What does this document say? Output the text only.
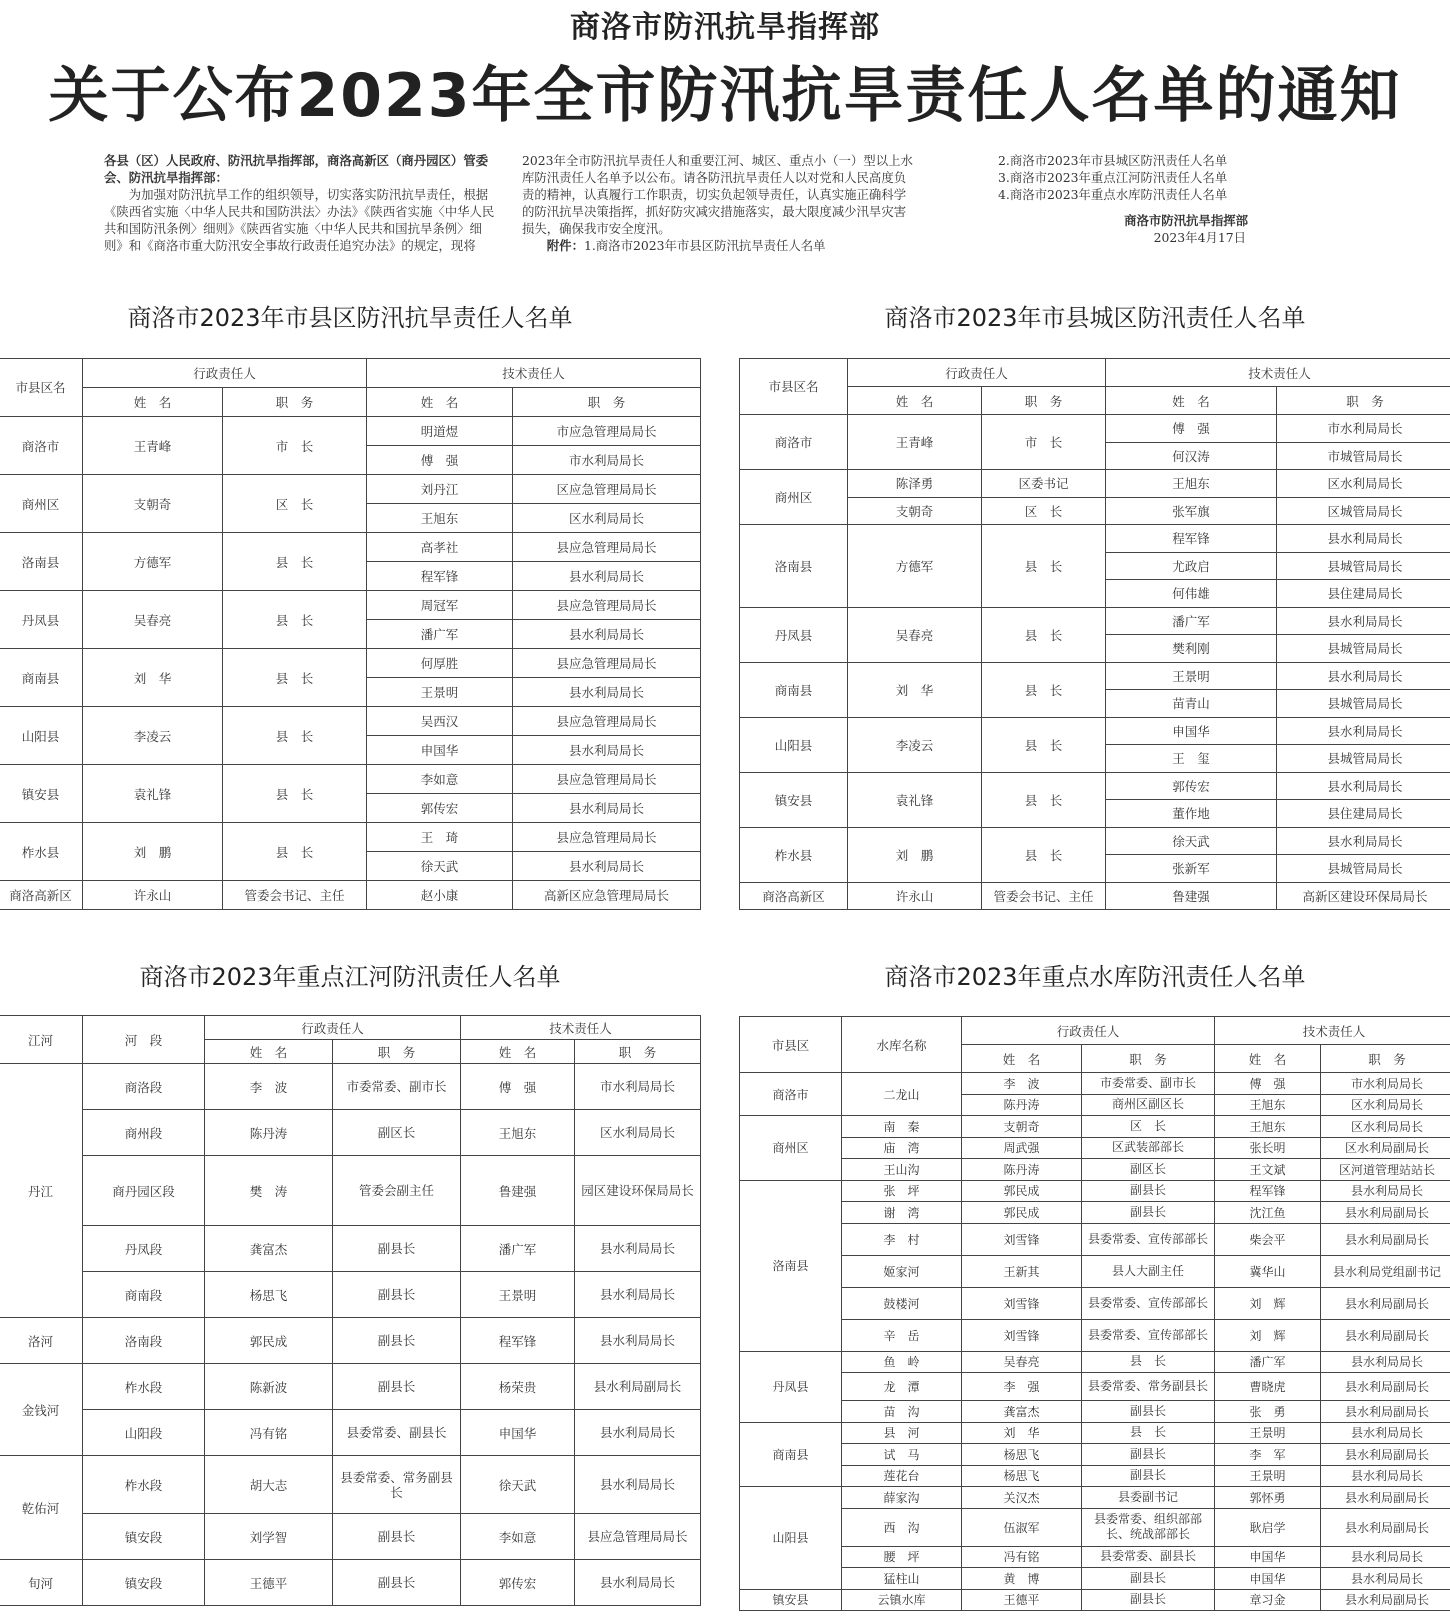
商洛市防汛抗旱指挥部
关于公布2023年全市防汛抗旱责任人名单的通知

各县（区）人民政府、防汛抗旱指挥部，商洛高新区（商丹园区）管委会、防汛抗旱指挥部：

为加强对防汛抗旱工作的组织领导，切实落实防汛抗旱责任，根据《陕西省实施〈中华人民共和国防洪法〉办法》《陕西省实施〈中华人民共和国防汛条例〉细则》《陕西省实施〈中华人民共和国抗旱条例〉细则》和《商洛市重大防汛安全事故行政责任追究办法》的规定，现将

2023年全市防汛抗旱责任人和重要江河、城区、重点小（一）型以上水库防汛责任人名单予以公布。请各防汛抗旱责任人以对党和人民高度负责的精神，认真履行工作职责，切实负起领导责任，认真实施正确科学的防汛抗旱决策指挥，抓好防灾减灾措施落实，最大限度减少汛旱灾害损失，确保我市安全度汛。

附件：1.商洛市2023年市县区防汛抗旱责任人名单

2.商洛市2023年市县城区防汛责任人名单

3.商洛市2023年重点江河防汛责任人名单

4.商洛市2023年重点水库防汛责任人名单

商洛市防汛抗旱指挥部

2023年4月17日

商洛市2023年市县区防汛抗旱责任人名单	商洛市2023年市县城区防汛责任人名单
商洛市2023年重点江河防汛责任人名单	商洛市2023年重点水库防汛责任人名单
市县区名	行政责任人		技术责任人	
	姓　名	职　务	姓　名	职　务
商洛市	王青峰	市　长	明道煜	市应急管理局局长
			傅　强	市水利局局长
商州区	支朝奇	区　长	刘丹江	区应急管理局局长
			王旭东	区水利局局长
洛南县	方德军	县　长	高孝社	县应急管理局局长
			程军锋	县水利局局长
丹凤县	吴春亮	县　长	周冠军	县应急管理局局长
			潘广军	县水利局局长
商南县	刘　华	县　长	何厚胜	县应急管理局局长
			王景明	县水利局局长
山阳县	李凌云	县　长	吴西汉	县应急管理局局长
			申国华	县水利局局长
镇安县	袁礼锋	县　长	李如意	县应急管理局局长
			郭传宏	县水利局局长
柞水县	刘　鹏	县　长	王　琦	县应急管理局局长
			徐天武	县水利局局长
商洛高新区	许永山	管委会书记、主任	赵小康	高新区应急管理局局长
市县区名	行政责任人		技术责任人	
	姓　名	职　务	姓　名	职　务
商洛市	王青峰	市　长	傅　强	市水利局局长
			何汉涛	市城管局局长
商州区	陈泽勇	区委书记	王旭东	区水利局局长
	支朝奇	区　长	张军旗	区城管局局长
洛南县	方德军	县　长	程军锋	县水利局局长
			尤政启	县城管局局长
			何伟雄	县住建局局长
丹凤县	吴春亮	县　长	潘广军	县水利局局长
			樊利刚	县城管局局长
商南县	刘　华	县　长	王景明	县水利局局长
			苗青山	县城管局局长
山阳县	李凌云	县　长	申国华	县水利局局长
			王　玺	县城管局局长
镇安县	袁礼锋	县　长	郭传宏	县水利局局长
			董作地	县住建局局长
柞水县	刘　鹏	县　长	徐天武	县水利局局长
			张新军	县城管局局长
商洛高新区	许永山	管委会书记、主任	鲁建强	高新区建设环保局局长
江河	河　段	行政责任人		技术责任人	
		姓　名	职　务	姓　名	职　务
丹江	商洛段	李　波	市委常委、副市长	傅　强	市水利局局长
	商州段	陈丹涛	副区长	王旭东	区水利局局长
	商丹园区段	樊　涛	管委会副主任	鲁建强	园区建设环保局局长
	丹凤段	龚富杰	副县长	潘广军	县水利局局长
	商南段	杨思飞	副县长	王景明	县水利局局长
洛河	洛南段	郭民成	副县长	程军锋	县水利局局长
金钱河	柞水段	陈新波	副县长	杨荣贵	县水利局副局长
	山阳段	冯有铭	县委常委、副县长	申国华	县水利局局长
乾佑河	柞水段	胡大志	县委常委、常务副县长	徐天武	县水利局局长
	镇安段	刘学智	副县长	李如意	县应急管理局局长
旬河	镇安段	王德平	副县长	郭传宏	县水利局局长
市县区	水库名称	行政责任人		技术责任人	
		姓　名	职　务	姓　名	职　务
商洛市	二龙山	李　波	市委常委、副市长	傅　强	市水利局局长
		陈丹涛	商州区副区长	王旭东	区水利局局长
商州区	南　秦	支朝奇	区　长	王旭东	区水利局局长
	庙　湾	周武强	区武装部部长	张长明	区水利局副局长
	王山沟	陈丹涛	副区长	王文斌	区河道管理站站长
洛南县	张　坪	郭民成	副县长	程军锋	县水利局局长
	谢　湾	郭民成	副县长	沈江鱼	县水利局副局长
	李　村	刘雪锋	县委常委、宣传部部长	柴会平	县水利局副局长
	姬家河	王新其	县人大副主任	冀华山	县水利局党组副书记
	鼓楼河	刘雪锋	县委常委、宣传部部长	刘　辉	县水利局副局长
	辛　岳	刘雪锋	县委常委、宣传部部长	刘　辉	县水利局副局长
丹凤县	鱼　岭	吴春亮	县　长	潘广军	县水利局局长
	龙　潭	李　强	县委常委、常务副县长	曹晓虎	县水利局副局长
	苗　沟	龚富杰	副县长	张　勇	县水利局副局长
商南县	县　河	刘　华	县　长	王景明	县水利局局长
	试　马	杨思飞	副县长	李　军	县水利局副局长
	莲花台	杨思飞	副县长	王景明	县水利局局长
山阳县	薛家沟	关汉杰	县委副书记	郭怀勇	县水利局副局长
	西　沟	伍淑军	县委常委、组织部部长、统战部部长	耿启学	县水利局副局长
	腰　坪	冯有铭	县委常委、副县长	申国华	县水利局局长
	猛柱山	黄　博	副县长	申国华	县水利局局长
镇安县	云镇水库	王德平	副县长	章习金	县水利局副局长
